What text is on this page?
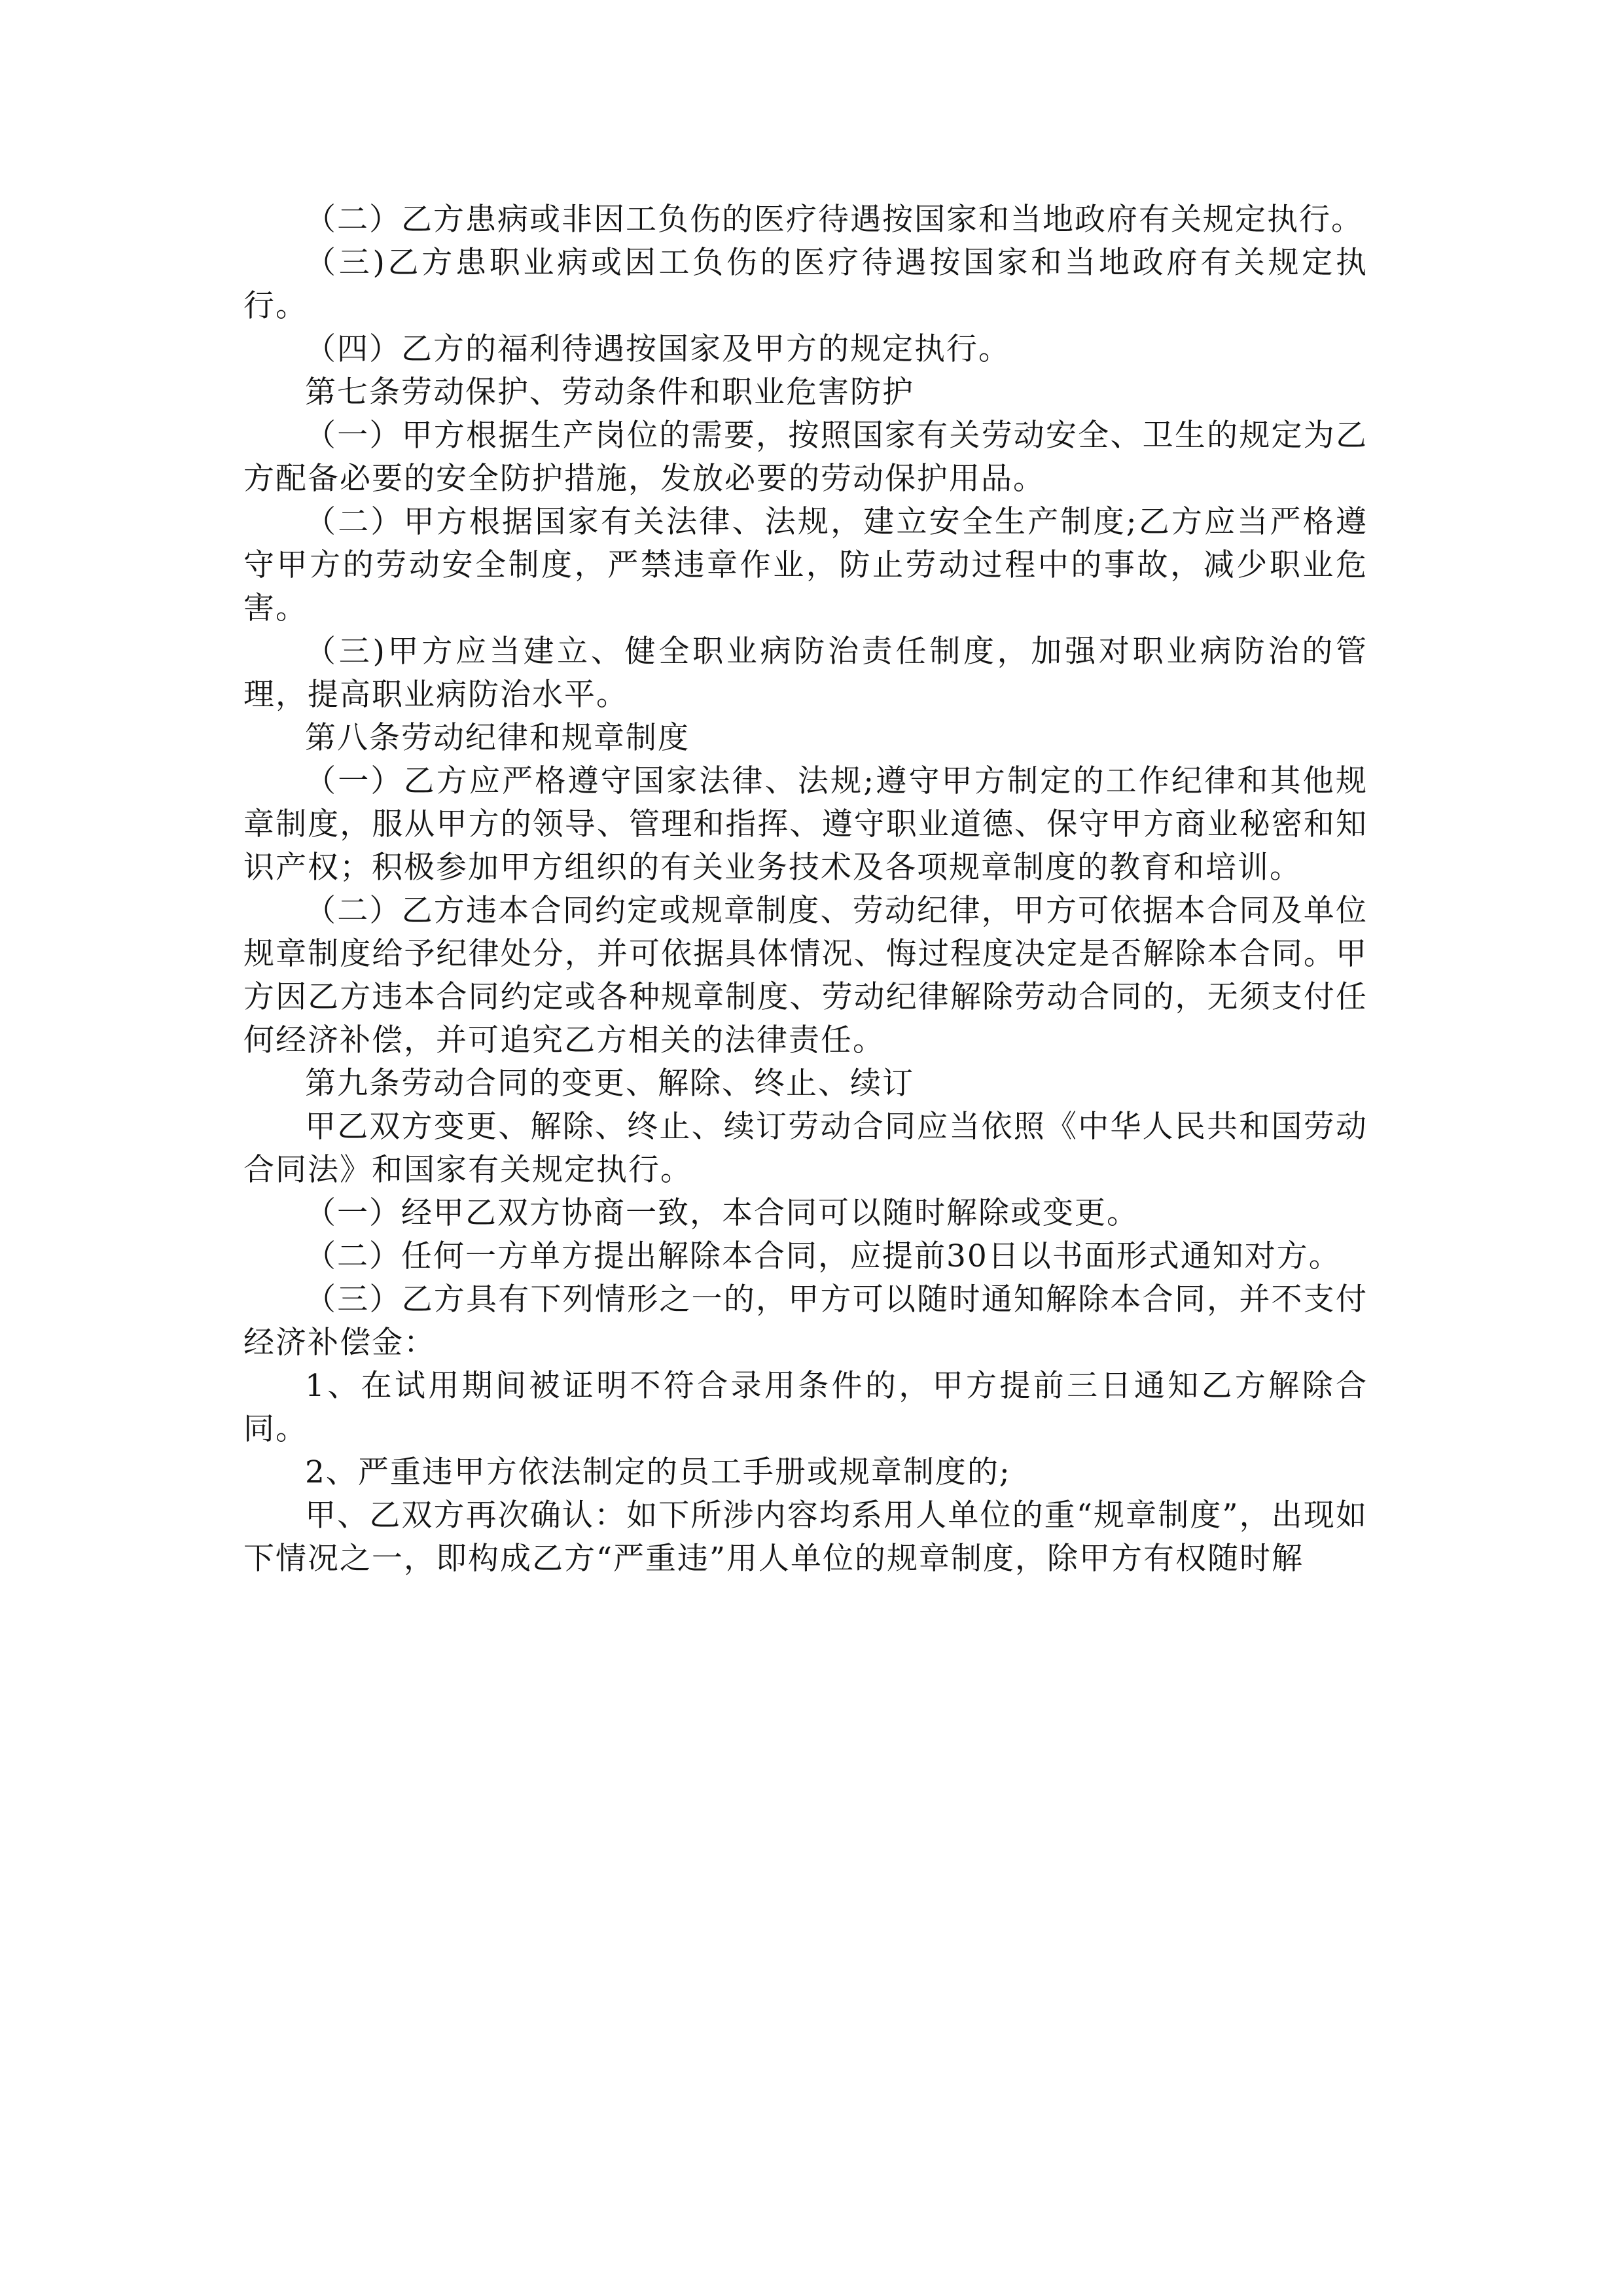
（二）乙方患病或非因工负伤的医疗待遇按国家和当地政府有关规定执行。

（三)乙方患职业病或因工负伤的医疗待遇按国家和当地政府有关规定执行。

（四）乙方的福利待遇按国家及甲方的规定执行。

第七条劳动保护、劳动条件和职业危害防护

（一）甲方根据生产岗位的需要，按照国家有关劳动安全、卫生的规定为乙方配备必要的安全防护措施，发放必要的劳动保护用品。

（二）甲方根据国家有关法律、法规，建立安全生产制度;乙方应当严格遵守甲方的劳动安全制度，严禁违章作业，防止劳动过程中的事故，减少职业危害。

（三)甲方应当建立、健全职业病防治责任制度，加强对职业病防治的管理，提高职业病防治水平。

第八条劳动纪律和规章制度

（一）乙方应严格遵守国家法律、法规;遵守甲方制定的工作纪律和其他规章制度，服从甲方的领导、管理和指挥、遵守职业道德、保守甲方商业秘密和知识产权；积极参加甲方组织的有关业务技术及各项规章制度的教育和培训。

（二）乙方违本合同约定或规章制度、劳动纪律，甲方可依据本合同及单位规章制度给予纪律处分，并可依据具体情况、悔过程度决定是否解除本合同。甲方因乙方违本合同约定或各种规章制度、劳动纪律解除劳动合同的，无须支付任何经济补偿，并可追究乙方相关的法律责任。

第九条劳动合同的变更、解除、终止、续订

甲乙双方变更、解除、终止、续订劳动合同应当依照《中华人民共和国劳动合同法》和国家有关规定执行。

（一）经甲乙双方协商一致，本合同可以随时解除或变更。

（二）任何一方单方提出解除本合同，应提前30日以书面形式通知对方。

（三）乙方具有下列情形之一的，甲方可以随时通知解除本合同，并不支付经济补偿金：

1、在试用期间被证明不符合录用条件的，甲方提前三日通知乙方解除合同。

2、严重违甲方依法制定的员工手册或规章制度的;

甲、乙双方再次确认：如下所涉内容均系用人单位的重“规章制度”，出现如下情况之一，即构成乙方“严重违”用人单位的规章制度，除甲方有权随时解
